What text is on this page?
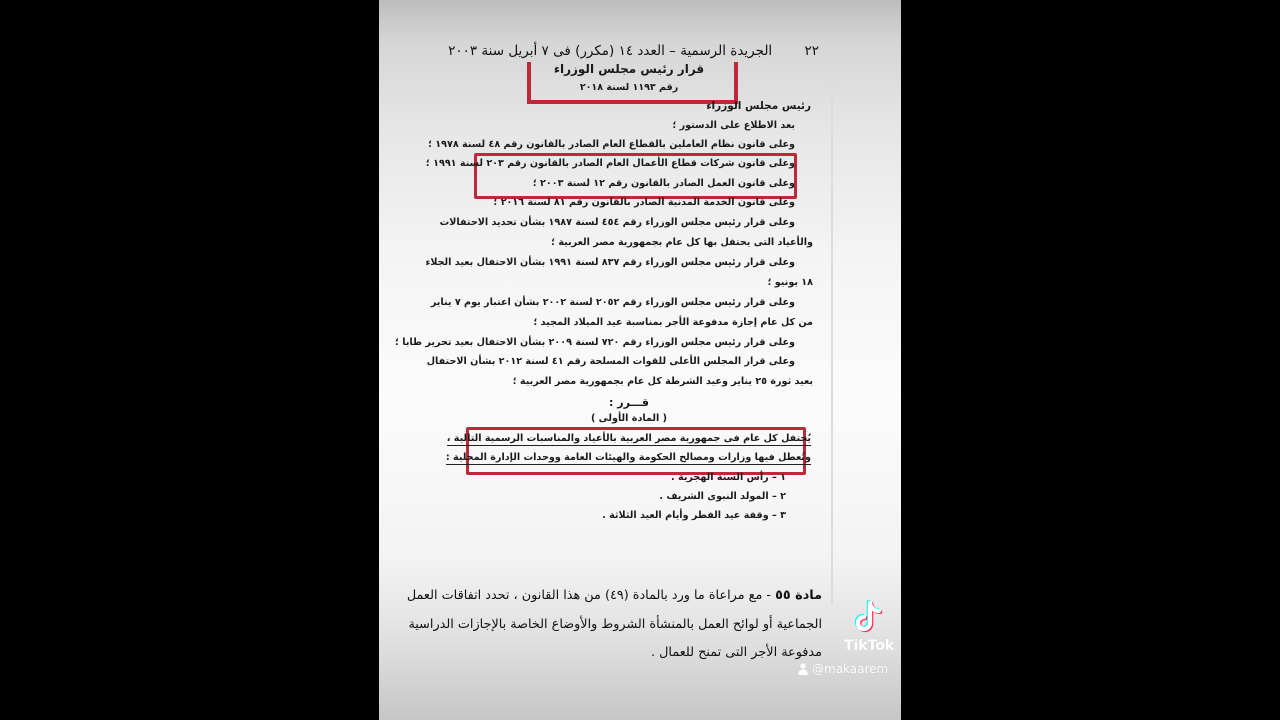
٢٢ الجريدة الرسمية – العدد ١٤ (مكرر) فى ٧ أبريل سنة ٢٠٠٣
قرار رئيس مجلس الوزراء
رقم ١١٩٣ لسنة ٢٠١٨
رئيس مجلس الوزراء
بعد الاطلاع على الدستور ؛
وعلى قانون نظام العاملين بالقطاع العام الصادر بالقانون رقم ٤٨ لسنة ١٩٧٨ ؛
وعلى قانون شركات قطاع الأعمال العام الصادر بالقانون رقم ٢٠٣ لسنة ١٩٩١ ؛
وعلى قانون العمل الصادر بالقانون رقم ١٢ لسنة ٢٠٠٣ ؛
وعلى قانون الخدمة المدنية الصادر بالقانون رقم ٨١ لسنة ٢٠١٦ ؛
وعلى قرار رئيس مجلس الوزراء رقم ٤٥٤ لسنة ١٩٨٧ بشأن تحديد الاحتفالات
والأعياد التى يحتفل بها كل عام بجمهورية مصر العربية ؛
وعلى قرار رئيس مجلس الوزراء رقم ٨٣٧ لسنة ١٩٩١ بشأن الاحتفال بعيد الجلاء
١٨ يونيو ؛
وعلى قرار رئيس مجلس الوزراء رقم ٢٠٥٢ لسنة ٢٠٠٢ بشأن اعتبار يوم ٧ يناير
من كل عام إجازة مدفوعة الأجر بمناسبة عيد الميلاد المجيد ؛
وعلى قرار رئيس مجلس الوزراء رقم ٧٢٠ لسنة ٢٠٠٩ بشأن الاحتفال بعيد تحرير طابا ؛
وعلى قرار المجلس الأعلى للقوات المسلحة رقم ٤١ لسنة ٢٠١٢ بشأن الاحتفال
بعيد ثورة ٢٥ يناير وعيد الشرطة كل عام بجمهورية مصر العربية ؛
قـــرر :
( المادة الأولى )
يُحتفل كل عام فى جمهورية مصر العربية بالأعياد والمناسبات الرسمية التالية ،
وتُعطل فيها وزارات ومصالح الحكومة والهيئات العامة ووحدات الإدارة المحلية :
١ – رأس السنة الهجرية .
٢ – المولد النبوى الشريف .
٣ – وقفة عيد الفطر وأيام العيد الثلاثة .
مادة ٥٥ - مع مراعاة ما ورد بالمادة (٤٩) من هذا القانون ، تحدد اتفاقات العمل
الجماعية أو لوائح العمل بالمنشأة الشروط والأوضاع الخاصة بالإجازات الدراسية
مدفوعة الأجر التى تمنح للعمال .	TikTok
@makaarem
